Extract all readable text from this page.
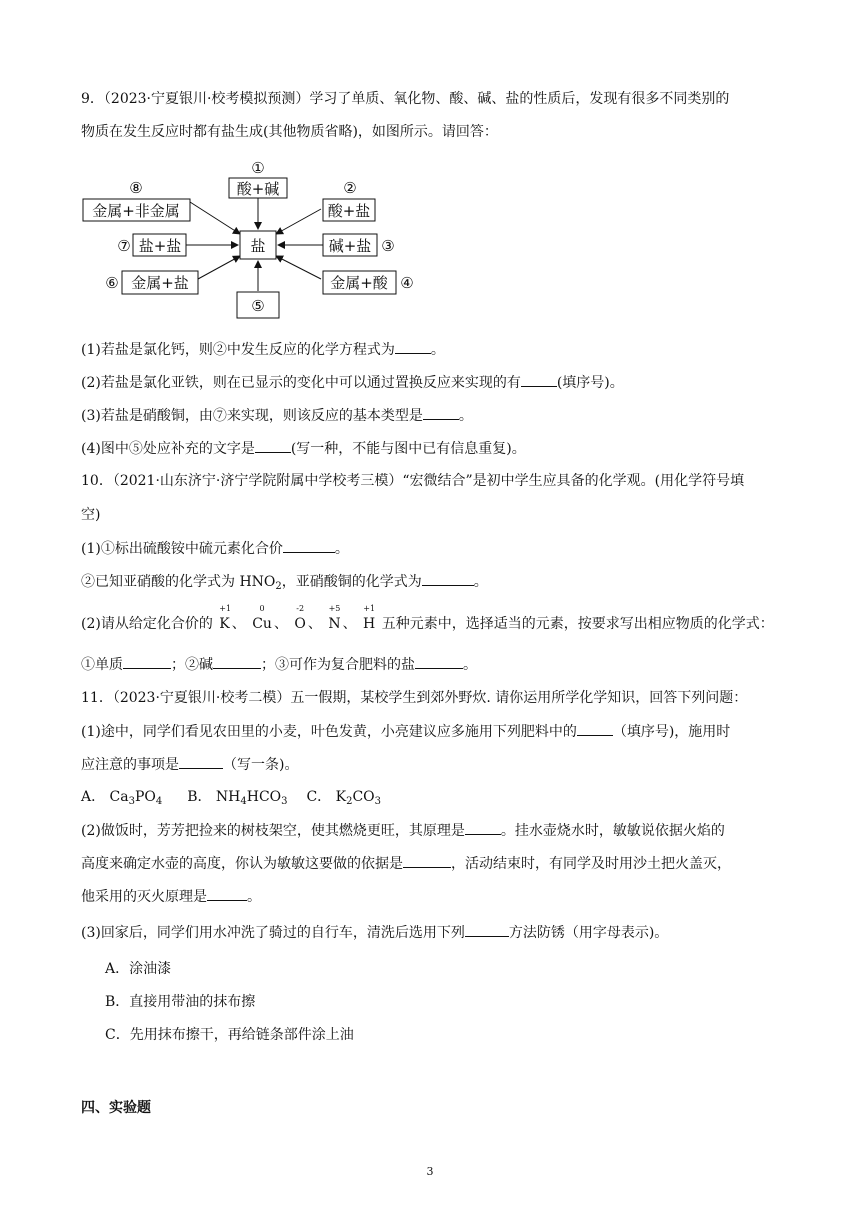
9．（2023·宁夏银川·校考模拟预测）学习了单质、氧化物、酸、碱、盐的性质后，发现有很多不同类别的
物质在发生反应时都有盐生成(其他物质省略)，如图所示。请回答：
盐
酸+碱
酸+盐
碱+盐
金属+酸
金属+盐
盐+盐
金属+非金属
①
②
③
④
⑤
⑥
⑦
⑧
(1)若盐是氯化钙，则②中发生反应的化学方程式为	。
(2)若盐是氯化亚铁，则在已显示的变化中可以通过置换反应来实现的有	(填序号)。
(3)若盐是硝酸铜，由⑦来实现，则该反应的基本类型是	。
(4)图中⑤处应补充的文字是	(写一种，不能与图中已有信息重复)。
10．（2021·山东济宁·济宁学院附属中学校考三模）“宏微结合”是初中学生应具备的化学观。(用化学符号填
空)
(1)①标出硫酸铵中硫元素化合价	。
②已知亚硝酸的化学式为 $HNO_2$，亚硝酸铜的化学式为	。
(2)请从给定化合价的
+1
K 、
0
Cu 、
-2
O 、
+5
N 、
+1
H 五种元素中，选择适当的元素，按要求写出相应物质的化学式：
①单质	；②碱	；③可作为复合肥料的盐	。
11．（2023·宁夏银川·校考二模）五一假期，某校学生到郊外野炊. 请你运用所学化学知识，回答下列问题：
(1)途中，同学们看见农田里的小麦，叶色发黄，小亮建议应多施用下列肥料中的	（填序号)，施用时
应注意的事项是	（写一条)。
A． $Ca_3PO_4$ B． $NH_4HCO_3$ C． $K_2CO_3$
(2)做饭时，芳芳把捡来的树枝架空，使其燃烧更旺，其原理是	。挂水壶烧水时，敏敏说依据火焰的
高度来确定水壶的高度，你认为敏敏这要做的依据是	，活动结束时，有同学及时用沙土把火盖灭，
他采用的灭火原理是	。
(3)回家后，同学们用水冲洗了骑过的自行车，清洗后选用下列	方法防锈（用字母表示)。
A．涂油漆
B．直接用带油的抹布擦
C．先用抹布擦干，再给链条部件涂上油
四、实验题
3
